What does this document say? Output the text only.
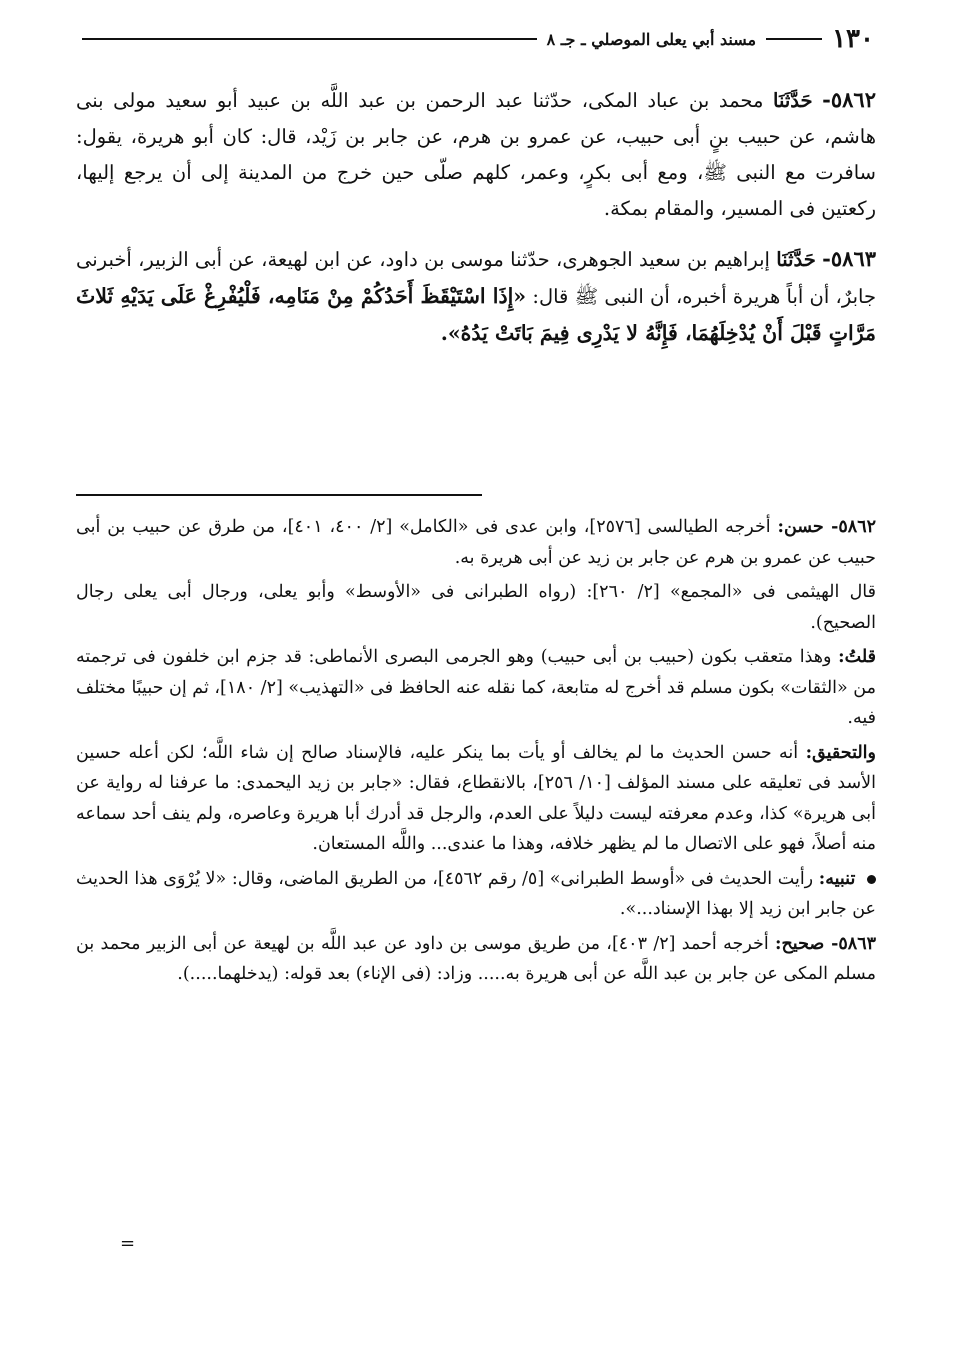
١٣٠
مسند أبي يعلى الموصلي ـ جـ ٨

٥٨٦٢- حَدَّثَنَا محمد بن عباد المكى، حدّثنا عبد الرحمن بن عبد اللَّه بن عبيد أبو سعيد مولى بنى هاشم، عن حبيب بنٍ أبى حبيب، عن عمرو بن هرم، عن جابر بن زَيْد، قال: كان أبو هريرة، يقول: سافرت مع النبى ﷺ، ومع أبى بكرٍ، وعمر، كلهم صلّى حين خرج من المدينة إلى أن يرجع إليها، ركعتين فى المسير، والمقام بمكة.

٥٨٦٣- حَدَّثَنَا إبراهيم بن سعيد الجوهرى، حدّثنا موسى بن داود، عن ابن لهيعة، عن أبى الزبير، أخبرنى جابرٌ، أن أباً هريرة أخبره، أن النبى ﷺ قال: «إِذَا اسْتَيْقَظَ أَحَدُكُمْ مِنْ مَنَامِه، فَلْيُفْرِغْ عَلَى يَدَيْهِ ثَلاثَ مَرَّاتٍ قَبْلَ أَنْ يُدْخِلَهُمَا، فَإِنَّهُ لا يَدْرِى فِيمَ بَاتَتْ يَدُهُ».

٥٨٦٢- حسن: أخرجه الطيالسى [٢٥٧٦]، وابن عدى فى «الكامل» [٢/ ٤٠٠، ٤٠١]، من طرق عن حبيب بن أبى حبيب عن عمرو بن هرم عن جابر بن زيد عن أبى هريرة به.

قال الهيثمى فى «المجمع» [٢/ ٢٦٠]: (رواه الطبرانى فى «الأوسط» وأبو يعلى، ورجال أبى يعلى رجال الصحيح).

قلتُ: وهذا متعقب بكون (حبيب بن أبى حبيب) وهو الجرمى البصرى الأنماطى: قد جزم ابن خلفون فى ترجمته من «الثقات» بكون مسلم قد أخرج له متابعة، كما نقله عنه الحافظ فى «التهذيب» [٢/ ١٨٠]، ثم إن حبيبًا مختلف فيه.

والتحقيق: أنه حسن الحديث ما لم يخالف أو يأت بما ينكر عليه، فالإسناد صالح إن شاء اللَّه؛ لكن أعله حسين الأسد فى تعليقه على مسند المؤلف [١٠/ ٢٥٦]، بالانقطاع، فقال: «جابر بن زيد اليحمدى: ما عرفنا له رواية عن أبى هريرة» كذا، وعدم معرفته ليست دليلاً على العدم، والرجل قد أدرك أبا هريرة وعاصره، ولم ينف أحد سماعه منه أصلاً، فهو على الاتصال ما لم يظهر خلافه، وهذا ما عندى... واللَّه المستعان.

تنبيه: رأيت الحديث فى «أوسط الطبرانى» [٥/ رقم ٤٥٦٢]، من الطريق الماضى، وقال: «لا يُرْوَى هذا الحديث عن جابر ابن زيد إلا بهذا الإسناد...».

٥٨٦٣- صحيح: أخرجه أحمد [٢/ ٤٠٣]، من طريق موسى بن داود عن عبد اللَّه بن لهيعة عن أبى الزبير محمد بن مسلم المكى عن جابر بن عبد اللَّه عن أبى هريرة به..... وزاد: (فى الإناء) بعد قوله: (يدخلهما.....).

=
